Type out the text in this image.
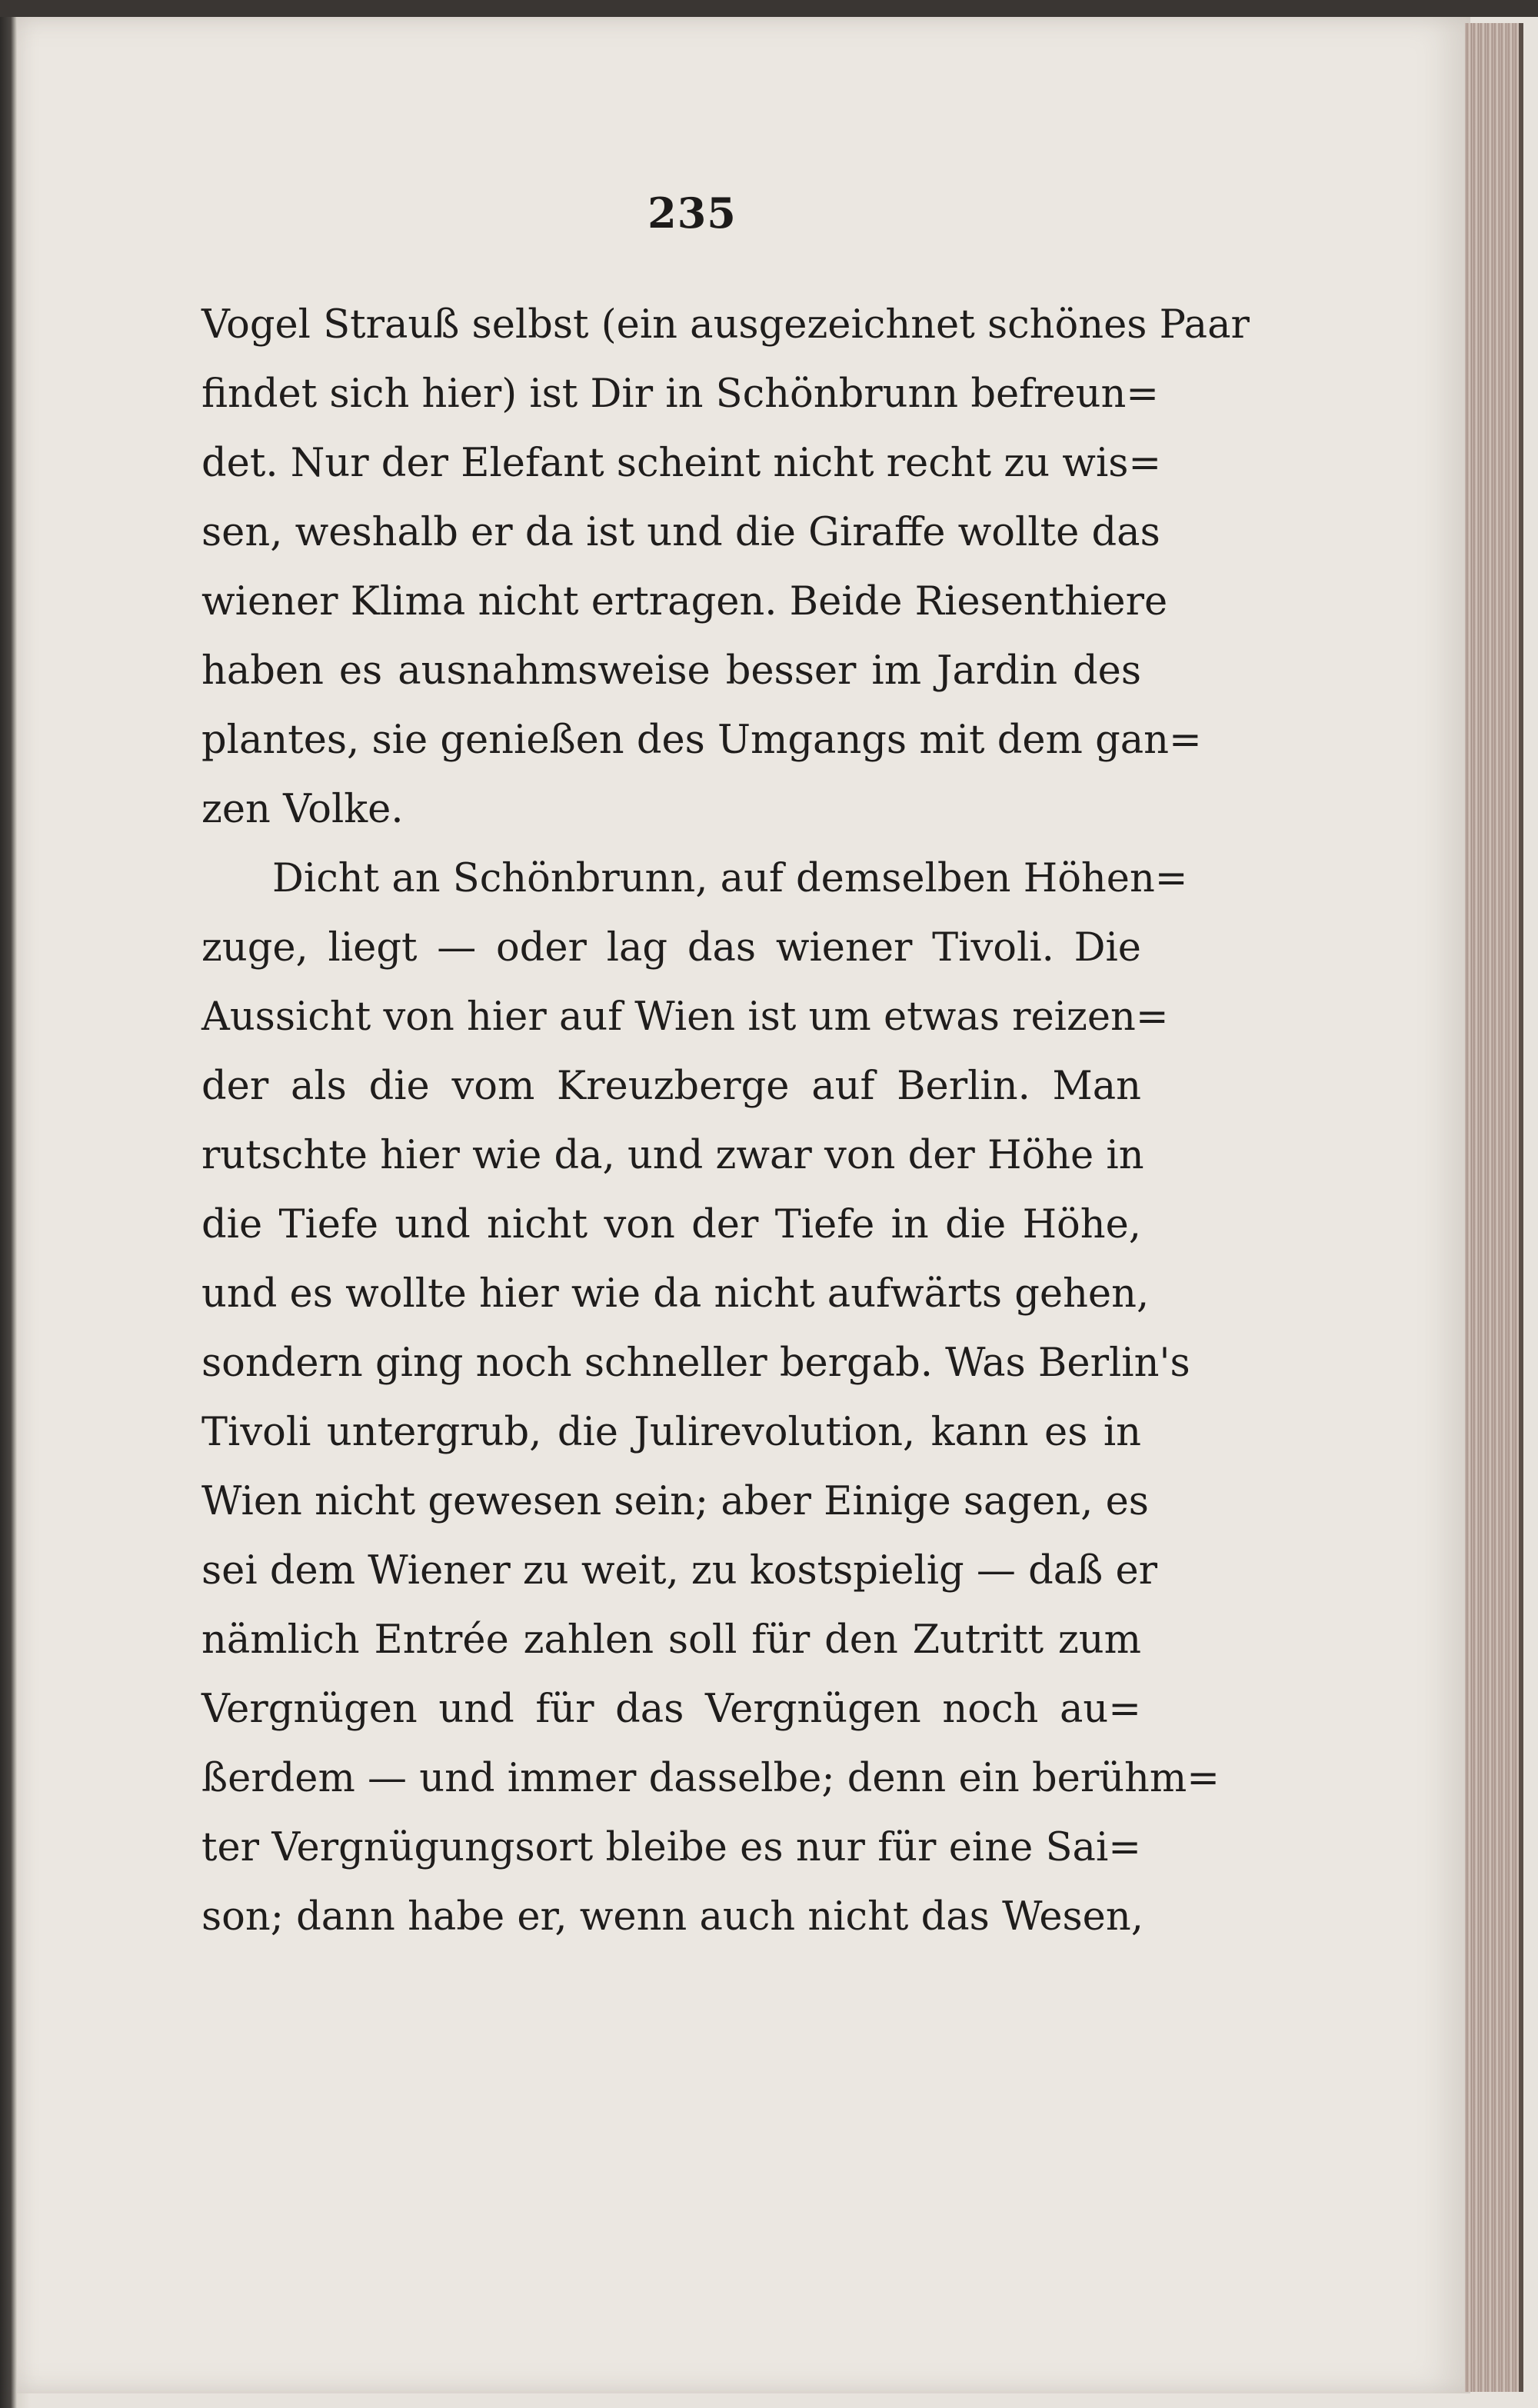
235
Vogel Strauß selbst (ein ausgezeichnet schönes Paar
findet sich hier) ist Dir in Schönbrunn befreun=
det. Nur der Elefant scheint nicht recht zu wis=
sen, weshalb er da ist und die Giraffe wollte das
wiener Klima nicht ertragen. Beide Riesenthiere
haben es ausnahmsweise besser im Jardin des
plantes, sie genießen des Umgangs mit dem gan=
zen Volke.
Dicht an Schönbrunn, auf demselben Höhen=
zuge, liegt — oder lag das wiener Tivoli. Die
Aussicht von hier auf Wien ist um etwas reizen=
der als die vom Kreuzberge auf Berlin. Man
rutschte hier wie da, und zwar von der Höhe in
die Tiefe und nicht von der Tiefe in die Höhe,
und es wollte hier wie da nicht aufwärts gehen,
sondern ging noch schneller bergab. Was Berlin's
Tivoli untergrub, die Julirevolution, kann es in
Wien nicht gewesen sein; aber Einige sagen, es
sei dem Wiener zu weit, zu kostspielig — daß er
nämlich Entrée zahlen soll für den Zutritt zum
Vergnügen und für das Vergnügen noch au=
ßerdem — und immer dasselbe; denn ein berühm=
ter Vergnügungsort bleibe es nur für eine Sai=
son; dann habe er, wenn auch nicht das Wesen,
